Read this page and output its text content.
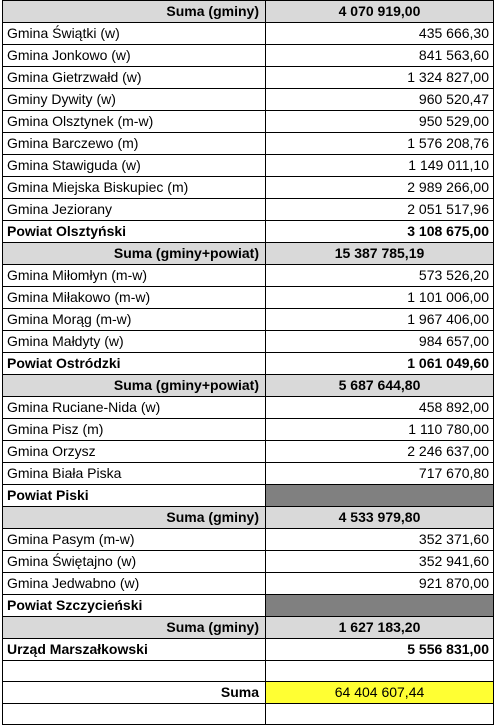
Suma (gminy)	4 070 919,00
Gmina Świątki (w)	435 666,30
Gmina Jonkowo (w)	841 563,60
Gmina Gietrzwałd (w)	1 324 827,00
Gminy Dywity (w)	960 520,47
Gmina Olsztynek (m-w)	950 529,00
Gmina Barczewo (m)	1 576 208,76
Gmina Stawiguda (w)	1 149 011,10
Gmina Miejska Biskupiec (m)	2 989 266,00
Gmina Jeziorany	2 051 517,96
Powiat Olsztyński	3 108 675,00
Suma (gminy+powiat)	15 387 785,19
Gmina Miłomłyn (m-w)	573 526,20
Gmina Miłakowo (m-w)	1 101 006,00
Gmina Morąg (m-w)	1 967 406,00
Gmina Małdyty (w)	984 657,00
Powiat Ostródzki	1 061 049,60
Suma (gminy+powiat)	5 687 644,80
Gmina Ruciane-Nida (w)	458 892,00
Gmina Pisz (m)	1 110 780,00
Gmina Orzysz	2 246 637,00
Gmina Biała Piska	717 670,80
Powiat Piski	
Suma (gminy)	4 533 979,80
Gmina Pasym (m-w)	352 371,60
Gmina Świętajno (w)	352 941,60
Gmina Jedwabno (w)	921 870,00
Powiat Szczycieński	
Suma (gminy)	1 627 183,20
Urząd Marszałkowski	5 556 831,00

Suma	64 404 607,44
